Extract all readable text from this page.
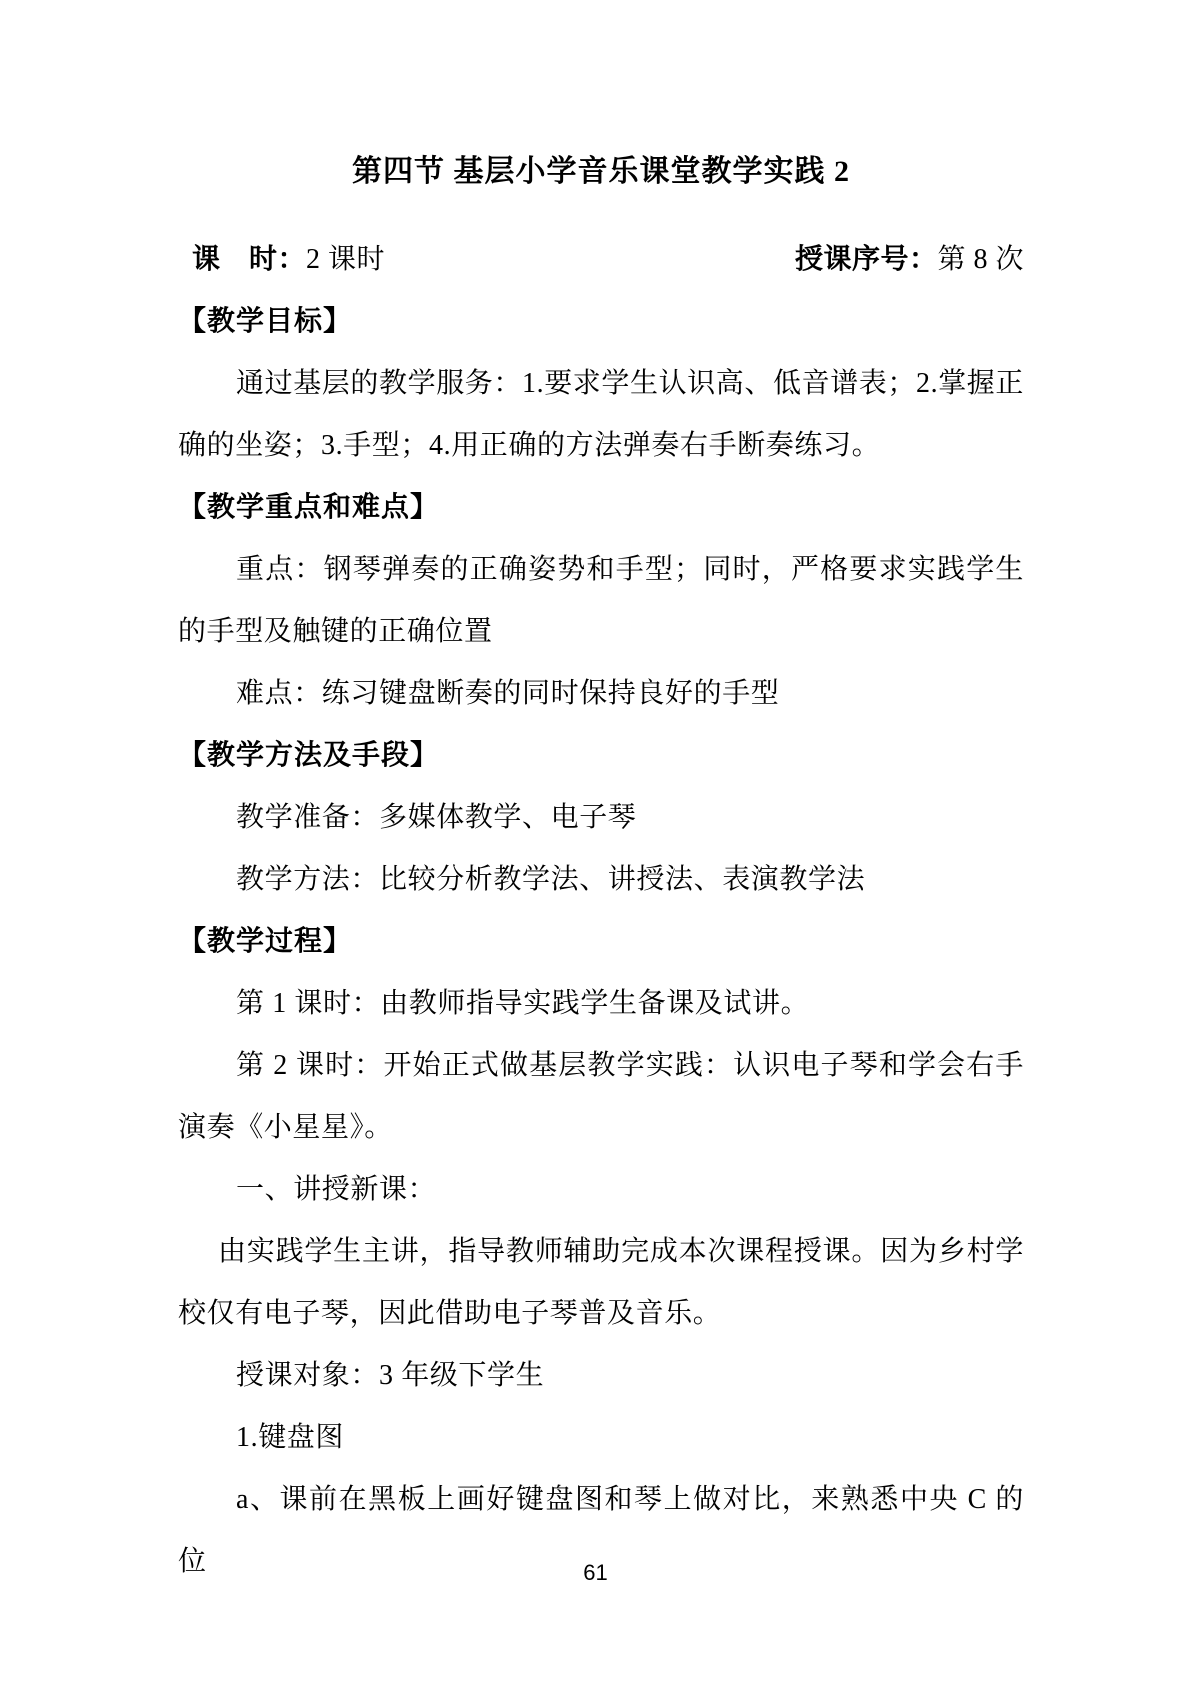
第四节 基层小学音乐课堂教学实践 2
课　时：2 课时	授课序号：第 8 次
【教学目标】
通过基层的教学服务：1.要求学生认识高、低音谱表；2.掌握正确的坐姿；3.手型；4.用正确的方法弹奏右手断奏练习。
【教学重点和难点】
重点：钢琴弹奏的正确姿势和手型；同时，严格要求实践学生的手型及触键的正确位置
难点：练习键盘断奏的同时保持良好的手型
【教学方法及手段】
教学准备：多媒体教学、电子琴
教学方法：比较分析教学法、讲授法、表演教学法
【教学过程】
第 1 课时：由教师指导实践学生备课及试讲。
第 2 课时：开始正式做基层教学实践：认识电子琴和学会右手演奏《小星星》。
一、讲授新课：
由实践学生主讲，指导教师辅助完成本次课程授课。因为乡村学校仅有电子琴，因此借助电子琴普及音乐。
授课对象：3 年级下学生
1.键盘图
a、课前在黑板上画好键盘图和琴上做对比，来熟悉中央 C 的位	61
